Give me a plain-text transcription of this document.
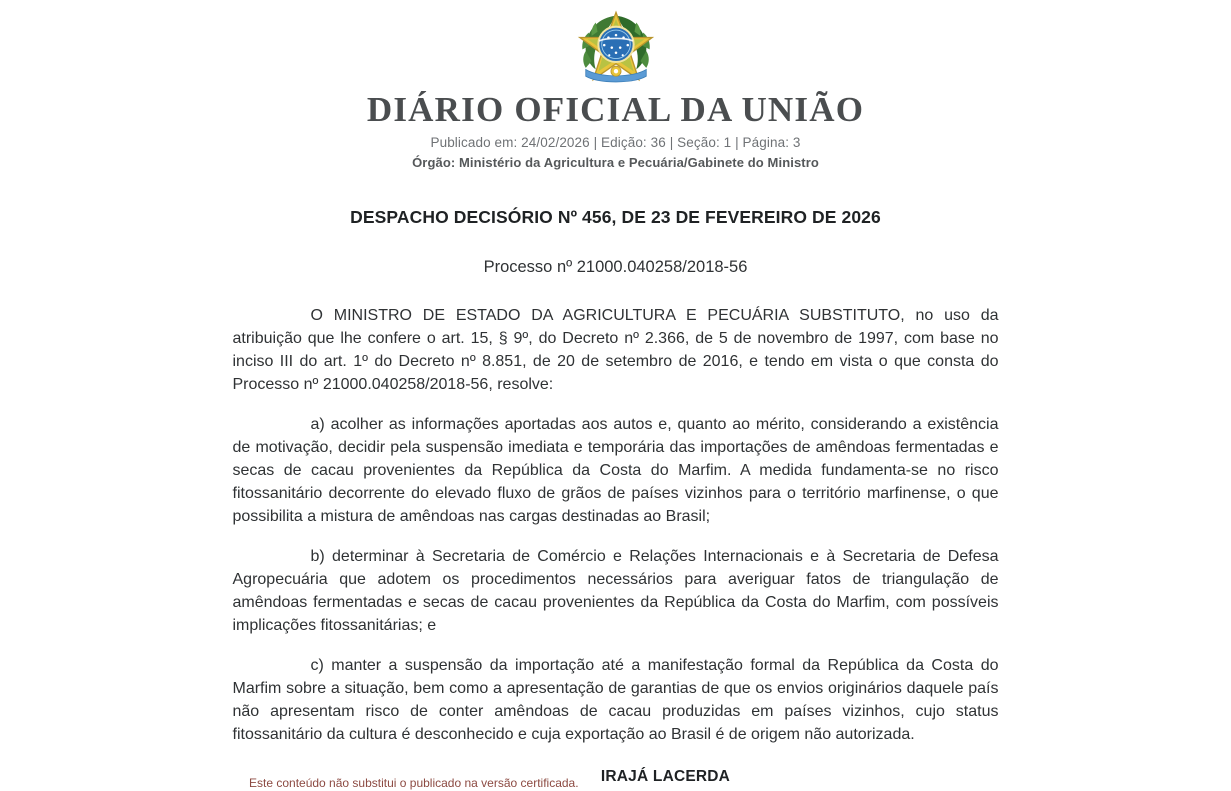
DIÁRIO OFICIAL DA UNIÃO

Publicado em: 24/02/2026 | Edição: 36 | Seção: 1 | Página: 3

Órgão: Ministério da Agricultura e Pecuária/Gabinete do Ministro

DESPACHO DECISÓRIO Nº 456, DE 23 DE FEVEREIRO DE 2026

Processo nº 21000.040258/2018-56

O MINISTRO DE ESTADO DA AGRICULTURA E PECUÁRIA SUBSTITUTO, no uso da atribuição que lhe confere o art. 15, § 9º, do Decreto nº 2.366, de 5 de novembro de 1997, com base no inciso III do art. 1º do Decreto nº 8.851, de 20 de setembro de 2016, e tendo em vista o que consta do Processo nº 21000.040258/2018-56, resolve:

a) acolher as informações aportadas aos autos e, quanto ao mérito, considerando a existência de motivação, decidir pela suspensão imediata e temporária das importações de amêndoas fermentadas e secas de cacau provenientes da República da Costa do Marfim. A medida fundamenta-se no risco fitossanitário decorrente do elevado fluxo de grãos de países vizinhos para o território marfinense, o que possibilita a mistura de amêndoas nas cargas destinadas ao Brasil;

b) determinar à Secretaria de Comércio e Relações Internacionais e à Secretaria de Defesa Agropecuária que adotem os procedimentos necessários para averiguar fatos de triangulação de amêndoas fermentadas e secas de cacau provenientes da República da Costa do Marfim, com possíveis implicações fitossanitárias; e

c) manter a suspensão da importação até a manifestação formal da República da Costa do Marfim sobre a situação, bem como a apresentação de garantias de que os envios originários daquele país não apresentam risco de conter amêndoas de cacau produzidas em países vizinhos, cujo status fitossanitário da cultura é desconhecido e cuja exportação ao Brasil é de origem não autorizada.

IRAJÁ LACERDA

Este conteúdo não substitui o publicado na versão certificada.
